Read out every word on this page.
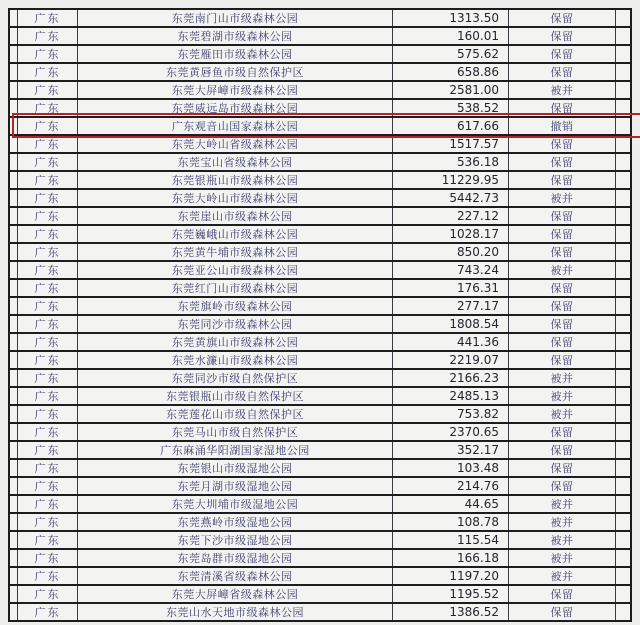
广东	东莞南门山市级森林公园	1313.50	保留
广东	东莞碧湖市级森林公园	160.01	保留
广东	东莞雁田市级森林公园	575.62	保留
广东	东莞黄唇鱼市级自然保护区	658.86	保留
广东	东莞大屏嶂市级森林公园	2581.00	被并
广东	东莞威远岛市级森林公园	538.52	保留
广东	广东观音山国家森林公园	617.66	撤销
广东	东莞大岭山省级森林公园	1517.57	保留
广东	东莞宝山省级森林公园	536.18	保留
广东	东莞银瓶山市级森林公园	11229.95	保留
广东	东莞大岭山市级森林公园	5442.73	被并
广东	东莞崖山市级森林公园	227.12	保留
广东	东莞巍峨山市级森林公园	1028.17	保留
广东	东莞黄牛埔市级森林公园	850.20	保留
广东	东莞亚公山市级森林公园	743.24	被并
广东	东莞红门山市级森林公园	176.31	保留
广东	东莞旗岭市级森林公园	277.17	保留
广东	东莞同沙市级森林公园	1808.54	保留
广东	东莞黄旗山市级森林公园	441.36	保留
广东	东莞水濂山市级森林公园	2219.07	保留
广东	东莞同沙市级自然保护区	2166.23	被并
广东	东莞银瓶山市级自然保护区	2485.13	被并
广东	东莞莲花山市级自然保护区	753.82	被并
广东	东莞马山市级自然保护区	2370.65	保留
广东	广东麻涌华阳湖国家湿地公园	352.17	保留
广东	东莞银山市级湿地公园	103.48	保留
广东	东莞月湖市级湿地公园	214.76	保留
广东	东莞大圳埔市级湿地公园	44.65	被并
广东	东莞燕岭市级湿地公园	108.78	被并
广东	东莞下沙市级湿地公园	115.54	被并
广东	东莞岛群市级湿地公园	166.18	被并
广东	东莞清溪省级森林公园	1197.20	被并
广东	东莞大屏嶂省级森林公园	1195.52	保留
广东	东莞山水天地市级森林公园	1386.52	保留
